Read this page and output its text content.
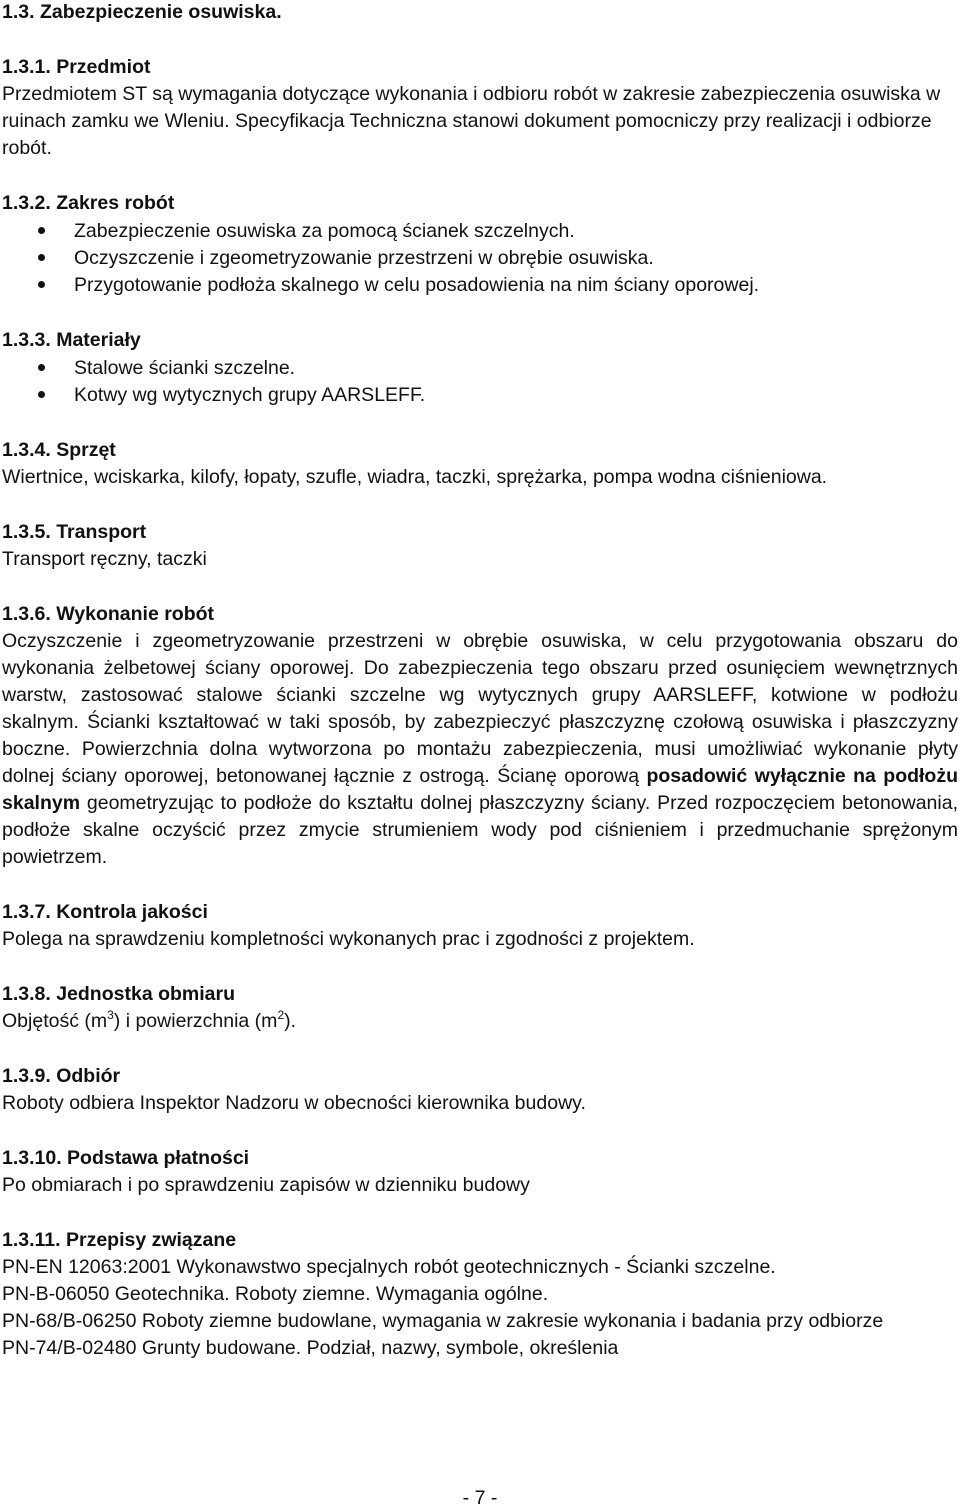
1.3. Zabezpieczenie osuwiska.
1.3.1. Przedmiot
Przedmiotem ST są wymagania dotyczące wykonania i odbioru robót w zakresie zabezpieczenia osuwiska w
ruinach zamku we Wleniu. Specyfikacja Techniczna stanowi dokument pomocniczy przy realizacji i odbiorze
robót.
1.3.2. Zakres robót
Zabezpieczenie osuwiska za pomocą ścianek szczelnych.
Oczyszczenie i zgeometryzowanie przestrzeni w obrębie osuwiska.
Przygotowanie podłoża skalnego w celu posadowienia na nim ściany oporowej.
1.3.3. Materiały
Stalowe ścianki szczelne.
Kotwy wg wytycznych grupy AARSLEFF.
1.3.4. Sprzęt
Wiertnice, wciskarka, kilofy, łopaty, szufle, wiadra, taczki, sprężarka, pompa wodna ciśnieniowa.
1.3.5. Transport
Transport ręczny, taczki
1.3.6. Wykonanie robót
Oczyszczenie i zgeometryzowanie przestrzeni w obrębie osuwiska, w celu przygotowania obszaru do
wykonania żelbetowej ściany oporowej. Do zabezpieczenia tego obszaru przed osunięciem wewnętrznych
warstw, zastosować stalowe ścianki szczelne wg wytycznych grupy AARSLEFF, kotwione w podłożu
skalnym. Ścianki kształtować w taki sposób, by zabezpieczyć płaszczyznę czołową osuwiska i płaszczyzny
boczne. Powierzchnia dolna wytworzona po montażu zabezpieczenia, musi umożliwiać wykonanie płyty
dolnej ściany oporowej, betonowanej łącznie z ostrogą. Ścianę oporową posadowić wyłącznie na podłożu
skalnym geometryzując to podłoże do kształtu dolnej płaszczyzny ściany. Przed rozpoczęciem betonowania,
podłoże skalne oczyścić przez zmycie strumieniem wody pod ciśnieniem i przedmuchanie sprężonym
powietrzem.
1.3.7. Kontrola jakości
Polega na sprawdzeniu kompletności wykonanych prac i zgodności z projektem.
1.3.8. Jednostka obmiaru
Objętość $(m^3)$ i powierzchnia $(m^2)$.
1.3.9. Odbiór
Roboty odbiera Inspektor Nadzoru w obecności kierownika budowy.
1.3.10. Podstawa płatności
Po obmiarach i po sprawdzeniu zapisów w dzienniku budowy
1.3.11. Przepisy związane
PN-EN 12063:2001 Wykonawstwo specjalnych robót geotechnicznych - Ścianki szczelne.
PN-B-06050 Geotechnika. Roboty ziemne. Wymagania ogólne.
PN-68/B-06250 Roboty ziemne budowlane, wymagania w zakresie wykonania i badania przy odbiorze
PN-74/B-02480 Grunty budowane. Podział, nazwy, symbole, określenia
- 7 -
